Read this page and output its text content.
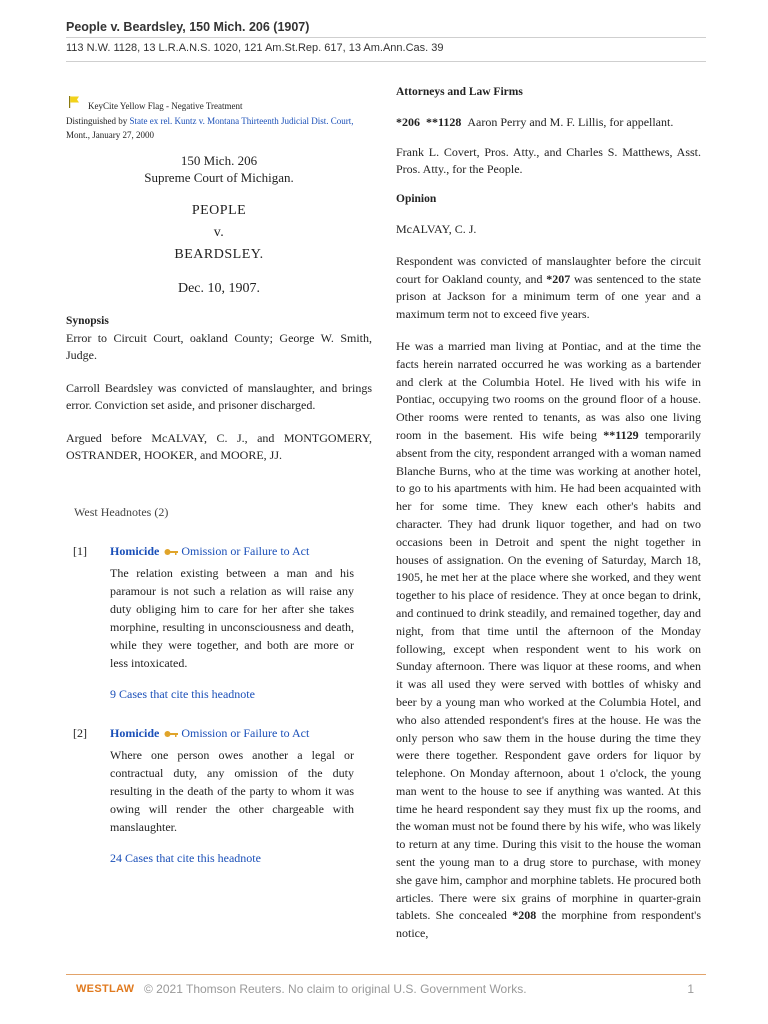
People v. Beardsley, 150 Mich. 206 (1907)
113 N.W. 1128, 13 L.R.A.N.S. 1020, 121 Am.St.Rep. 617, 13 Am.Ann.Cas. 39
KeyCite Yellow Flag - Negative Treatment
Distinguished by State ex rel. Kuntz v. Montana Thirteenth Judicial Dist. Court, Mont., January 27, 2000
150 Mich. 206
Supreme Court of Michigan.
PEOPLE
v.
BEARDSLEY.
Dec. 10, 1907.
Synopsis

Error to Circuit Court, oakland County; George W. Smith, Judge.

Carroll Beardsley was convicted of manslaughter, and brings error. Conviction set aside, and prisoner discharged.

Argued before McALVAY, C. J., and MONTGOMERY, OSTRANDER, HOOKER, and MOORE, JJ.

West Headnotes (2)
[1] Homicide Omission or Failure to Act
The relation existing between a man and his paramour is not such a relation as will raise any duty obliging him to care for her after she takes morphine, resulting in unconsciousness and death, while they were together, and both are more or less intoxicated.
9 Cases that cite this headnote
[2] Homicide Omission or Failure to Act
Where one person owes another a legal or contractual duty, any omission of the duty resulting in the death of the party to whom it was owing will render the other chargeable with manslaughter.
24 Cases that cite this headnote
Attorneys and Law Firms

*206 **1128 Aaron Perry and M. F. Lillis, for appellant.

Frank L. Covert, Pros. Atty., and Charles S. Matthews, Asst. Pros. Atty., for the People.

Opinion

McALVAY, C. J.

Respondent was convicted of manslaughter before the circuit court for Oakland county, and *207 was sentenced to the state prison at Jackson for a minimum term of one year and a maximum term not to exceed five years.

He was a married man living at Pontiac, and at the time the facts herein narrated occurred he was working as a bartender and clerk at the Columbia Hotel. He lived with his wife in Pontiac, occupying two rooms on the ground floor of a house. Other rooms were rented to tenants, as was also one living room in the basement. His wife being **1129 temporarily absent from the city, respondent arranged with a woman named Blanche Burns, who at the time was working at another hotel, to go to his apartments with him. He had been acquainted with her for some time. They knew each other's habits and character. They had drunk liquor together, and had on two occasions been in Detroit and spent the night together in houses of assignation. On the evening of Saturday, March 18, 1905, he met her at the place where she worked, and they went together to his place of residence. They at once began to drink, and continued to drink steadily, and remained together, day and night, from that time until the afternoon of the Monday following, except when respondent went to his work on Sunday afternoon. There was liquor at these rooms, and when it was all used they were served with bottles of whisky and beer by a young man who worked at the Columbia Hotel, and who also attended respondent's fires at the house. He was the only person who saw them in the house during the time they were there together. Respondent gave orders for liquor by telephone. On Monday afternoon, about 1 o'clock, the young man went to the house to see if anything was wanted. At this time he heard respondent say they must fix up the rooms, and the woman must not be found there by his wife, who was likely to return at any time. During this visit to the house the woman sent the young man to a drug store to purchase, with money she gave him, camphor and morphine tablets. He procured both articles. There were six grains of morphine in quarter-grain tablets. She concealed *208 the morphine from respondent's notice,

WESTLAW © 2021 Thomson Reuters. No claim to original U.S. Government Works.	1
